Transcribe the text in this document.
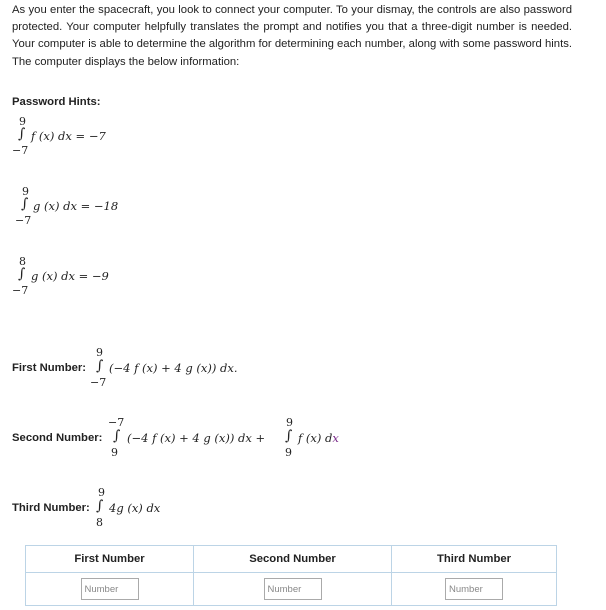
As you enter the spacecraft, you look to connect your computer. To your dismay, the controls are also password protected. Your computer helpfully translates the prompt and notifies you that a three-digit number is needed. Your computer is able to determine the algorithm for determining each number, along with some password hints. The computer displays the below information:

Password Hints:
9
∫ f (x) dx = −7
−7
9
∫ g (x) dx = −18
−7
8
∫ g (x) dx = −9
−7
First Number:
9
∫ (−4 f (x) + 4 g (x)) dx.
−7
Second Number:
−7
∫ (−4 f (x) + 4 g (x)) dx +
9
9
∫ f (x) dx
9
Third Number:
9
∫ 4g (x) dx
8
First Number	Second Number	Third Number
Number	Number	Number
